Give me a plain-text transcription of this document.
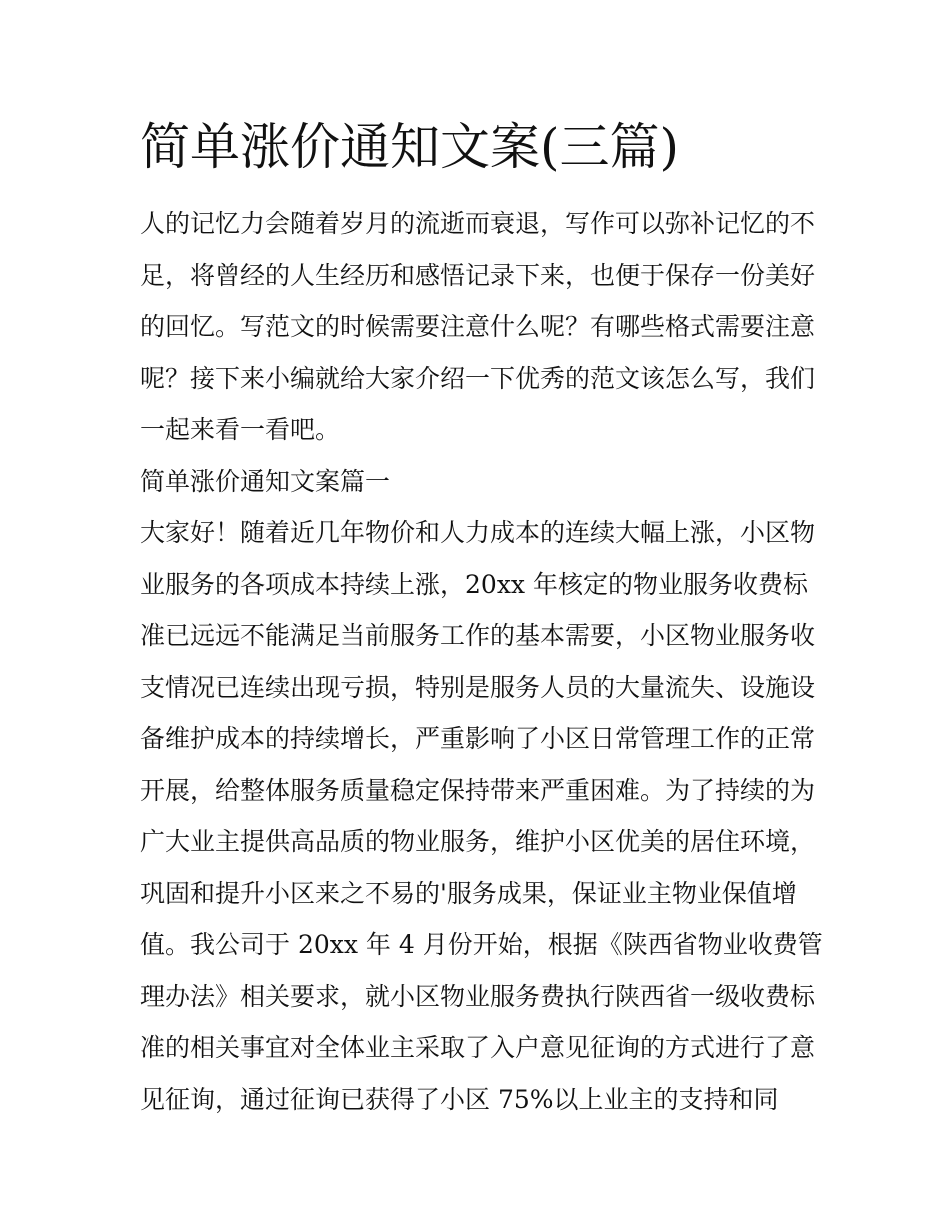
简单涨价通知文案(三篇)
人的记忆力会随着岁月的流逝而衰退，写作可以弥补记忆的不
足，将曾经的人生经历和感悟记录下来，也便于保存一份美好
的回忆。写范文的时候需要注意什么呢？有哪些格式需要注意
呢？接下来小编就给大家介绍一下优秀的范文该怎么写，我们
一起来看一看吧。
简单涨价通知文案篇一
大家好！随着近几年物价和人力成本的连续大幅上涨，小区物
业服务的各项成本持续上涨，20xx 年核定的物业服务收费标
准已远远不能满足当前服务工作的基本需要，小区物业服务收
支情况已连续出现亏损，特别是服务人员的大量流失、设施设
备维护成本的持续增长，严重影响了小区日常管理工作的正常
开展，给整体服务质量稳定保持带来严重困难。为了持续的为
广大业主提供高品质的物业服务，维护小区优美的居住环境，
巩固和提升小区来之不易的'服务成果，保证业主物业保值增
值。我公司于 20xx 年 4 月份开始，根据《陕西省物业收费管
理办法》相关要求，就小区物业服务费执行陕西省一级收费标
准的相关事宜对全体业主采取了入户意见征询的方式进行了意
见征询，通过征询已获得了小区 75%以上业主的支持和同
